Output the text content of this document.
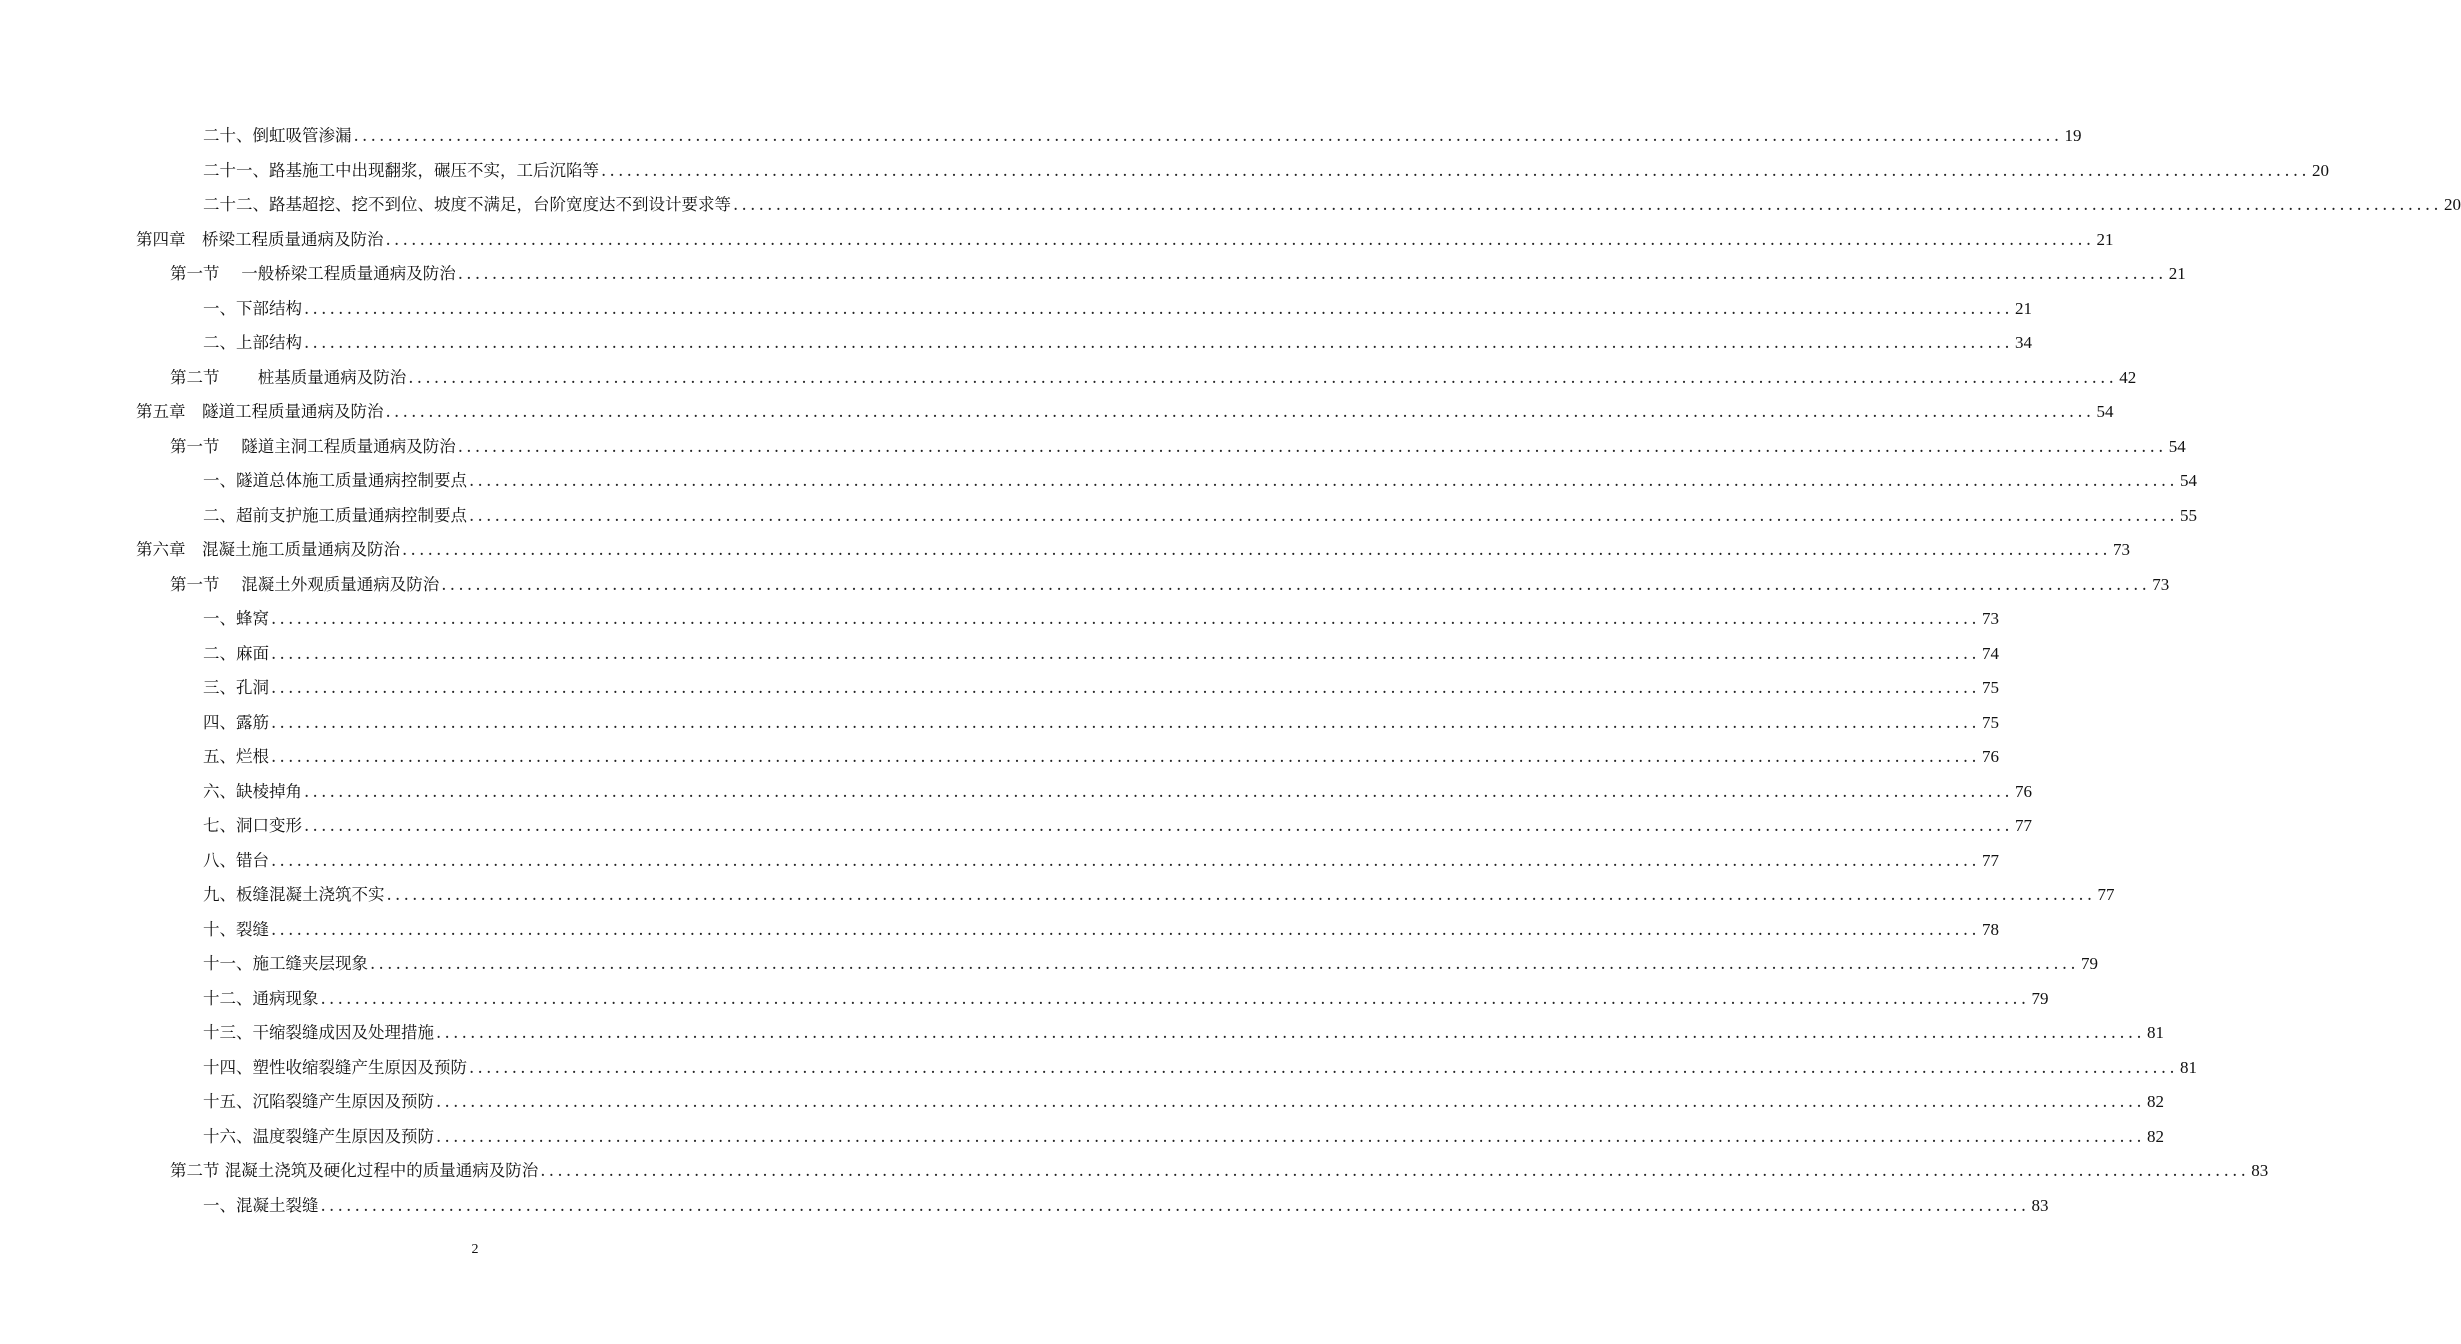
二十、倒虹吸管渗漏 ........................................................................................................................................................................................................ 19
二十一、路基施工中出现翻浆，碾压不实，工后沉陷等 ........................................................................................................................................................................................................ 20
二十二、路基超挖、挖不到位、坡度不满足，台阶宽度达不到设计要求等 ........................................................................................................................................................................................................ 20
第四章　桥梁工程质量通病及防治 ........................................................................................................................................................................................................ 21
第一节　 一般桥梁工程质量通病及防治 ........................................................................................................................................................................................................ 21
一、下部结构 ........................................................................................................................................................................................................ 21
二、上部结构 ........................................................................................................................................................................................................ 34
第二节　　 桩基质量通病及防治 ........................................................................................................................................................................................................ 42
第五章　隧道工程质量通病及防治 ........................................................................................................................................................................................................ 54
第一节　 隧道主洞工程质量通病及防治 ........................................................................................................................................................................................................ 54
一、隧道总体施工质量通病控制要点 ........................................................................................................................................................................................................ 54
二、超前支护施工质量通病控制要点 ........................................................................................................................................................................................................ 55
第六章　混凝土施工质量通病及防治 ........................................................................................................................................................................................................ 73
第一节　 混凝土外观质量通病及防治 ........................................................................................................................................................................................................ 73
一、蜂窝 ........................................................................................................................................................................................................ 73
二、麻面 ........................................................................................................................................................................................................ 74
三、孔洞 ........................................................................................................................................................................................................ 75
四、露筋 ........................................................................................................................................................................................................ 75
五、烂根 ........................................................................................................................................................................................................ 76
六、缺棱掉角 ........................................................................................................................................................................................................ 76
七、洞口变形 ........................................................................................................................................................................................................ 77
八、错台 ........................................................................................................................................................................................................ 77
九、板缝混凝土浇筑不实 ........................................................................................................................................................................................................ 77
十、裂缝 ........................................................................................................................................................................................................ 78
十一、施工缝夹层现象 ........................................................................................................................................................................................................ 79
十二、通病现象 ........................................................................................................................................................................................................ 79
十三、干缩裂缝成因及处理措施 ........................................................................................................................................................................................................ 81
十四、塑性收缩裂缝产生原因及预防 ........................................................................................................................................................................................................ 81
十五、沉陷裂缝产生原因及预防 ........................................................................................................................................................................................................ 82
十六、温度裂缝产生原因及预防 ........................................................................................................................................................................................................ 82
第二节 混凝土浇筑及硬化过程中的质量通病及防治 ........................................................................................................................................................................................................ 83
一、混凝土裂缝 ........................................................................................................................................................................................................ 83
2
